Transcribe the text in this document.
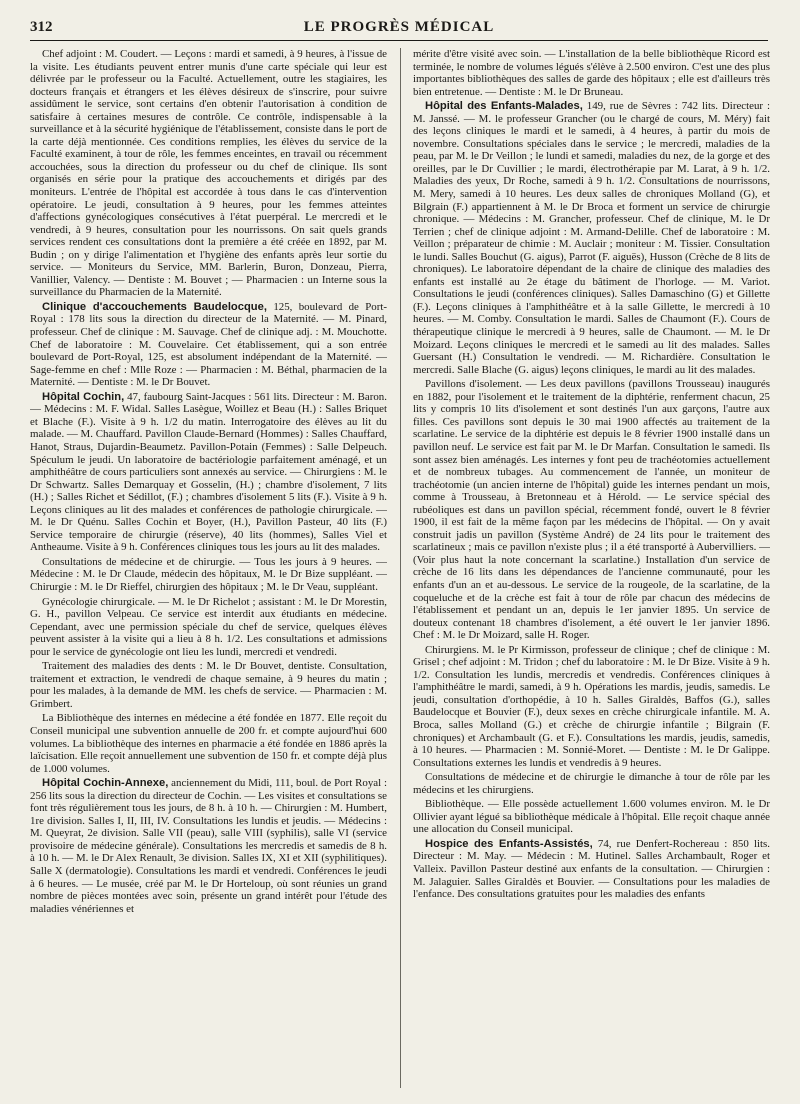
312	LE PROGRÈS MÉDICAL

Chef adjoint : M. Coudert. — Leçons : mardi et samedi, à 9 heures, à l'issue de la visite. Les étudiants peuvent entrer munis d'une carte spéciale qui leur est délivrée par le professeur ou la Faculté. Actuellement, outre les stagiaires, les docteurs français et étrangers et les élèves désireux de s'inscrire, pour suivre assidûment le service, sont certains d'en obtenir l'autorisation à condition de satisfaire à certaines mesures de contrôle. Ce contrôle, indispensable à la surveillance et à la sécurité hygiénique de l'établissement, consiste dans le port de la carte déjà mentionnée. Ces conditions remplies, les élèves du service de la Faculté examinent, à tour de rôle, les femmes enceintes, en travail ou récemment accouchées, sous la direction du professeur ou du chef de clinique. Ils sont organisés en série pour la pratique des accouchements et dirigés par des moniteurs. L'entrée de l'hôpital est accordée à tous dans le cas d'intervention opératoire. Le jeudi, consultation à 9 heures, pour les femmes atteintes d'affections gynécologiques consécutives à l'état puerpéral. Le mercredi et le vendredi, à 9 heures, consultation pour les nourrissons. On sait quels grands services rendent ces consultations dont la première a été créée en 1892, par M. Budin ; on y dirige l'alimentation et l'hygiène des enfants après leur sortie du service. — Moniteurs du Service, MM. Barlerin, Buron, Donzeau, Pierra, Vanillier, Valency. — Dentiste : M. Bouvet ; — Pharmacien : un Interne sous la surveillance du Pharmacien de la Maternité.

Clinique d'accouchements Baudelocque, 125, boulevard de Port-Royal : 178 lits sous la direction du directeur de la Maternité. — M. Pinard, professeur. Chef de clinique : M. Sauvage. Chef de clinique adj. : M. Mouchotte. Chef de laboratoire : M. Couvelaire. Cet établissement, qui a son entrée boulevard de Port-Royal, 125, est absolument indépendant de la Maternité. — Sage-femme en chef : Mlle Roze : — Pharmacien : M. Béthal, pharmacien de la Maternité. — Dentiste : M. le Dr Bouvet.

Hôpital Cochin, 47, faubourg Saint-Jacques : 561 lits. Directeur : M. Baron. — Médecins : M. F. Widal. Salles Lasègue, Woillez et Beau (H.) : Salles Briquet et Blache (F.). Visite à 9 h. 1/2 du matin. Interrogatoire des élèves au lit du malade. — M. Chauffard. Pavillon Claude-Bernard (Hommes) : Salles Chauffard, Hanot, Straus, Dujardin-Beaumetz. Pavillon-Potain (Femmes) : Salle Delpeuch. Spéculum le jeudi. Un laboratoire de bactériologie parfaitement aménagé, et un amphithéâtre de cours particuliers sont annexés au service. — Chirurgiens : M. le Dr Schwartz. Salles Demarquay et Gosselin, (H.) ; chambre d'isolement, 7 lits (H.) ; Salles Richet et Sédillot, (F.) ; chambres d'isolement 5 lits (F.). Visite à 9 h. Leçons cliniques au lit des malades et conférences de pathologie chirurgicale. — M. le Dr Quénu. Salles Cochin et Boyer, (H.), Pavillon Pasteur, 40 lits (F.) Service temporaire de chirurgie (réserve), 40 lits (hommes), Salles Viel et Antheaume. Visite à 9 h. Conférences cliniques tous les jours au lit des malades.

Consultations de médecine et de chirurgie. — Tous les jours à 9 heures. — Médecine : M. le Dr Claude, médecin des hôpitaux, M. le Dr Bize suppléant. — Chirurgie : M. le Dr Rieffel, chirurgien des hôpitaux ; M. le Dr Veau, suppléant.

Gynécologie chirurgicale. — M. le Dr Richelot ; assistant : M. le Dr Morestin, G. H., pavillon Velpeau. Ce service est interdit aux étudiants en médecine. Cependant, avec une permission spéciale du chef de service, quelques élèves peuvent assister à la visite qui a lieu à 8 h. 1/2. Les consultations et admissions pour le service de gynécologie ont lieu les lundi, mercredi et vendredi.

Traitement des maladies des dents : M. le Dr Bouvet, dentiste. Consultation, traitement et extraction, le vendredi de chaque semaine, à 9 heures du matin ; pour les malades, à la demande de MM. les chefs de service. — Pharmacien : M. Grimbert.

La Bibliothèque des internes en médecine a été fondée en 1877. Elle reçoit du Conseil municipal une subvention annuelle de 200 fr. et compte aujourd'hui 600 volumes. La bibliothèque des internes en pharmacie a été fondée en 1886 après la laïcisation. Elle reçoit annuellement une subvention de 150 fr. et compte déjà plus de 1.000 volumes.

Hôpital Cochin-Annexe, anciennement du Midi, 111, boul. de Port Royal : 256 lits sous la direction du directeur de Cochin. — Les visites et consultations se font très régulièrement tous les jours, de 8 h. à 10 h. — Chirurgien : M. Humbert, 1re division. Salles I, II, III, IV. Consultations les lundis et jeudis. — Médecins : M. Queyrat, 2e division. Salle VII (peau), salle VIII (syphilis), salle VI (service provisoire de médecine générale). Consultations les mercredis et samedis de 8 h. à 10 h. — M. le Dr Alex Renault, 3e division. Salles IX, XI et XII (syphilitiques). Salle X (dermatologie). Consultations les mardi et vendredi. Conférences le jeudi à 6 heures. — Le musée, créé par M. le Dr Horteloup, où sont réunies un grand nombre de pièces montées avec soin, présente un grand intérêt pour l'étude des maladies vénériennes et

mérite d'être visité avec soin. — L'installation de la belle bibliothèque Ricord est terminée, le nombre de volumes légués s'élève à 2.500 environ. C'est une des plus importantes bibliothèques des salles de garde des hôpitaux ; elle est d'ailleurs très bien entretenue. — Dentiste : M. le Dr Bruneau.

Hôpital des Enfants-Malades, 149, rue de Sèvres : 742 lits. Directeur : M. Janssé. — M. le professeur Grancher (ou le chargé de cours, M. Méry) fait des leçons cliniques le mardi et le samedi, à 4 heures, à partir du mois de novembre. Consultations spéciales dans le service ; le mercredi, maladies de la peau, par M. le Dr Veillon ; le lundi et samedi, maladies du nez, de la gorge et des oreilles, par le Dr Cuvillier ; le mardi, électrothérapie par M. Larat, à 9 h. 1/2. Maladies des yeux, Dr Roche, samedi à 9 h. 1/2. Consultations de nourrissons, M. Mery, samedi à 10 heures. Les deux salles de chroniques Molland (G), et Bilgrain (F.) appartiennent à M. le Dr Broca et forment un service de chirurgie chronique. — Médecins : M. Grancher, professeur. Chef de clinique, M. le Dr Terrien ; chef de clinique adjoint : M. Armand-Delille. Chef de laboratoire : M. Veillon ; préparateur de chimie : M. Auclair ; moniteur : M. Tissier. Consultation le lundi. Salles Bouchut (G. aigus), Parrot (F. aiguës), Husson (Crèche de 8 lits de chroniques). Le laboratoire dépendant de la chaire de clinique des maladies des enfants est installé au 2e étage du bâtiment de l'horloge. — M. Variot. Consultations le jeudi (conférences cliniques). Salles Damaschino (G) et Gillette (F.). Leçons cliniques à l'amphithéâtre et à la salle Gillette, le mercredi à 10 heures. — M. Comby. Consultation le mardi. Salles de Chaumont (F.). Cours de thérapeutique clinique le mercredi à 9 heures, salle de Chaumont. — M. le Dr Moizard. Leçons cliniques le mercredi et le samedi au lit des malades. Salles Guersant (H.) Consultation le vendredi. — M. Richardière. Consultation le mercredi. Salle Blache (G. aigus) leçons cliniques, le mardi au lit des malades.

Pavillons d'isolement. — Les deux pavillons (pavillons Trousseau) inaugurés en 1882, pour l'isolement et le traitement de la diphtérie, renferment chacun, 25 lits y compris 10 lits d'isolement et sont destinés l'un aux garçons, l'autre aux filles. Ces pavillons sont depuis le 30 mai 1900 affectés au traitement de la scarlatine. Le service de la diphtérie est depuis le 8 février 1900 installé dans un pavillon neuf. Le service est fait par M. le Dr Marfan. Consultation le samedi. Ils sont assez bien aménagés. Les internes y font peu de trachéotomies actuellement et de nombreux tubages. Au commencement de l'année, un moniteur de trachéotomie (un ancien interne de l'hôpital) guide les internes pendant un mois, comme à Trousseau, à Bretonneau et à Hérold. — Le service spécial des rubéoliques est dans un pavillon spécial, récemment fondé, ouvert le 8 février 1900, il est fait de la même façon par les médecins de l'hôpital. — On y avait construit jadis un pavillon (Système André) de 24 lits pour le traitement des scarlatineux ; mais ce pavillon n'existe plus ; il a été transporté à Aubervilliers. — (Voir plus haut la note concernant la scarlatine.) Installation d'un service de crèche de 16 lits dans les dépendances de l'ancienne communauté, pour les enfants d'un an et au-dessous. Le service de la rougeole, de la scarlatine, de la coqueluche et de la crèche est fait à tour de rôle par chacun des médecins de l'établissement et pendant un an, depuis le 1er janvier 1895. Un service de douteux contenant 18 chambres d'isolement, a été ouvert le 1er janvier 1896. Chef : M. le Dr Moizard, salle H. Roger.

Chirurgiens. M. le Pr Kirmisson, professeur de clinique ; chef de clinique : M. Grisel ; chef adjoint : M. Tridon ; chef du laboratoire : M. le Dr Bize. Visite à 9 h. 1/2. Consultation les lundis, mercredis et vendredis. Conférences cliniques à l'amphithéâtre le mardi, samedi, à 9 h. Opérations les mardis, jeudis, samedis. Le jeudi, consultation d'orthopédie, à 10 h. Salles Giraldès, Baffos (G.), salles Baudelocque et Bouvier (F.), deux sexes en crèche chirurgicale infantile. M. A. Broca, salles Molland (G.) et crèche de chirurgie infantile ; Bilgrain (F. chroniques) et Archambault (G. et F.). Consultations les mardis, jeudis, samedis, à 10 heures. — Pharmacien : M. Sonnié-Moret. — Dentiste : M. le Dr Galippe. Consultations externes les lundis et vendredis à 9 heures.

Consultations de médecine et de chirurgie le dimanche à tour de rôle par les médecins et les chirurgiens.

Bibliothèque. — Elle possède actuellement 1.600 volumes environ. M. le Dr Ollivier ayant légué sa bibliothèque médicale à l'hôpital. Elle reçoit chaque année une allocation du Conseil municipal.

Hospice des Enfants-Assistés, 74, rue Denfert-Rochereau : 850 lits. Directeur : M. May. — Médecin : M. Hutinel. Salles Archambault, Roger et Valleix. Pavillon Pasteur destiné aux enfants de la consultation. — Chirurgien : M. Jalaguier. Salles Giraldès et Bouvier. — Consultations pour les maladies de l'enfance. Des consultations gratuites pour les maladies des enfants
